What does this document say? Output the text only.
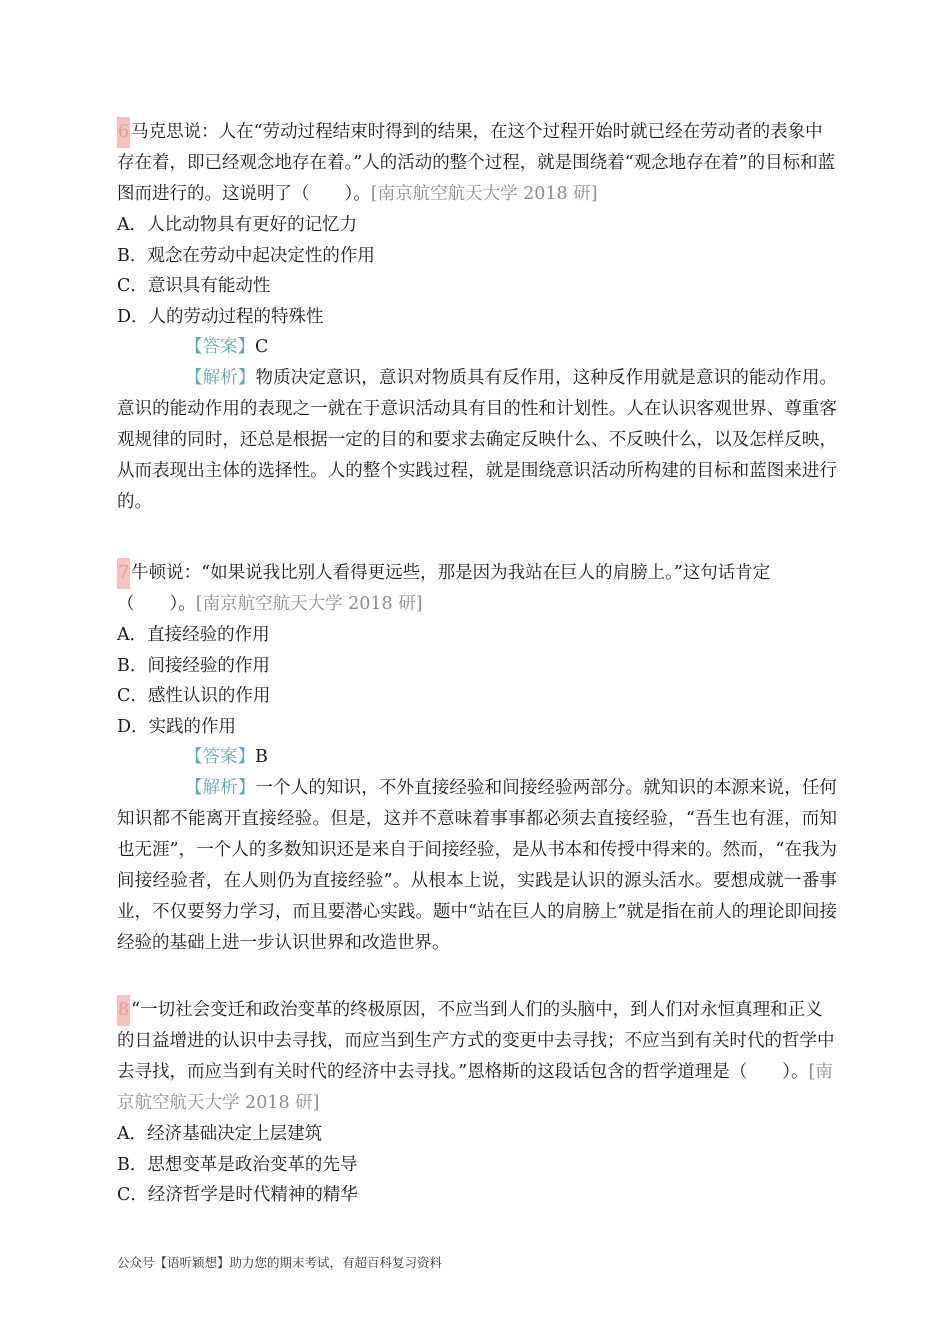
6 马克思说：人在“劳动过程结束时得到的结果，在这个过程开始时就已经在劳动者的表象中存在着，即已经观念地存在着。”人的活动的整个过程，就是围绕着“观念地存在着”的目标和蓝图而进行的。这说明了（　　）。[南京航空航天大学 2018 研]

A．人比动物具有更好的记忆力

B．观念在劳动中起决定性的作用

C．意识具有能动性

D．人的劳动过程的特殊性

【答案】C

【解析】物质决定意识，意识对物质具有反作用，这种反作用就是意识的能动作用。意识的能动作用的表现之一就在于意识活动具有目的性和计划性。人在认识客观世界、尊重客观规律的同时，还总是根据一定的目的和要求去确定反映什么、不反映什么，以及怎样反映，从而表现出主体的选择性。人的整个实践过程，就是围绕意识活动所构建的目标和蓝图来进行的。

7 牛顿说：“如果说我比别人看得更远些，那是因为我站在巨人的肩膀上。”这句话肯定（　　）。[南京航空航天大学 2018 研]

A．直接经验的作用

B．间接经验的作用

C．感性认识的作用

D．实践的作用

【答案】B

【解析】一个人的知识，不外直接经验和间接经验两部分。就知识的本源来说，任何知识都不能离开直接经验。但是，这并不意味着事事都必须去直接经验，“吾生也有涯，而知也无涯”，一个人的多数知识还是来自于间接经验，是从书本和传授中得来的。然而，“在我为间接经验者，在人则仍为直接经验”。从根本上说，实践是认识的源头活水。要想成就一番事业，不仅要努力学习，而且要潜心实践。题中“站在巨人的肩膀上”就是指在前人的理论即间接经验的基础上进一步认识世界和改造世界。

8 “一切社会变迁和政治变革的终极原因，不应当到人们的头脑中，到人们对永恒真理和正义的日益增进的认识中去寻找，而应当到生产方式的变更中去寻找；不应当到有关时代的哲学中去寻找，而应当到有关时代的经济中去寻找。”恩格斯的这段话包含的哲学道理是（　　）。[南京航空航天大学 2018 研]

A．经济基础决定上层建筑

B．思想变革是政治变革的先导

C．经济哲学是时代精神的精华

公众号【语听颖想】助力您的期末考试，有超百科复习资料
